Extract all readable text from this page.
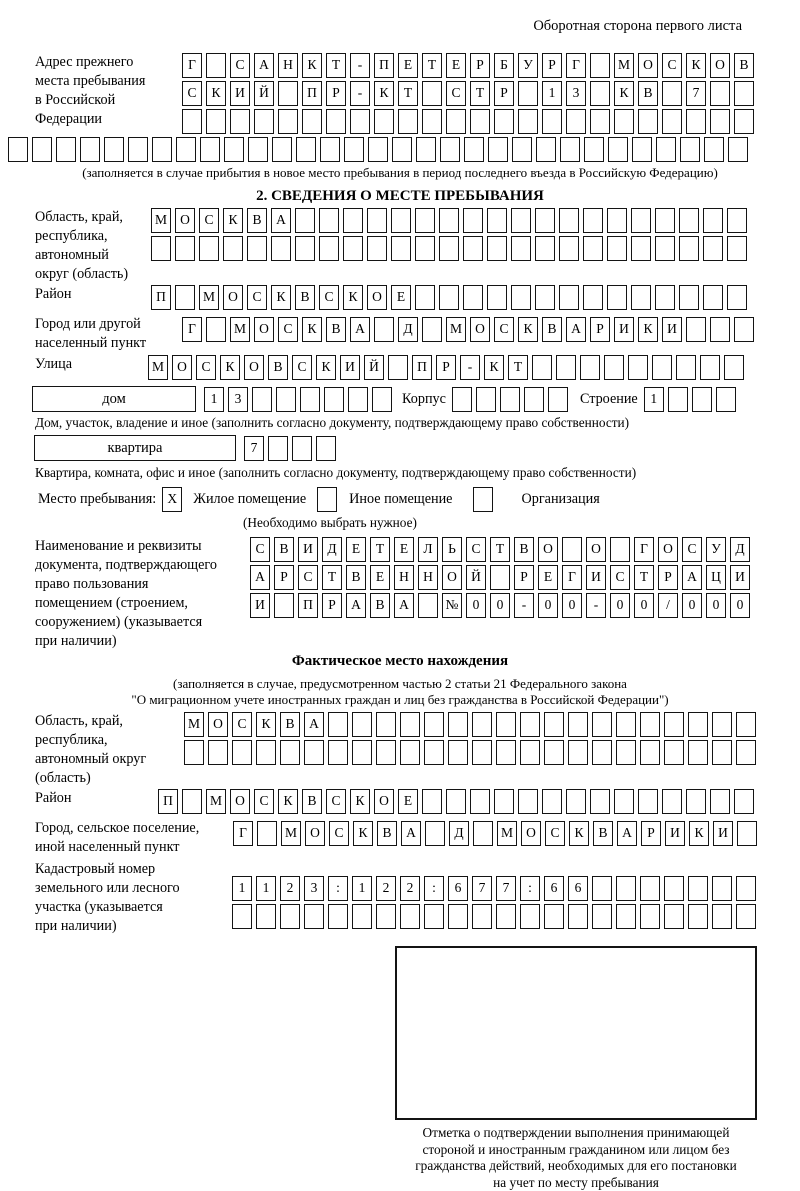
Оборотная сторона первого листа
Адрес прежнего
места пребывания
в Российской
Федерации
Г	С	А	Н	К	Т	-	П	Е	Т	Е	Р	Б	У	Р	Г	М О	С	К	О	В
С	К	И	Й	П	Р	-	К	Т	С	Т	Р	1	3	К	В	7
(заполняется в случае прибытия в новое место пребывания в период последнего въезда в Российскую Федерацию)
2. СВЕДЕНИЯ О МЕСТЕ ПРЕБЫВАНИЯ
Область, край,
республика,
автономный
округ (область)
М О	С	К	В	А
Район	П	М О	С	К	В	С	К	О	Е
Город или другой
населенный пункт
Г	М О	С	К	В	А	Д	М О	С	К	В	А	Р	И	К	И
Улица	М О	С	К	О	В	С	К	И	Й	П	Р	-	К	Т
дом	1	3	Корпус	Строение 1
Дом, участок, владение и иное (заполнить согласно документу, подтверждающему право собственности)
квартира	7
Квартира, комната, офис и иное (заполнить согласно документу, подтверждающему право собственности)
Место пребывания: X	Жилое помещение	Иное помещение	Организация
(Необходимо выбрать нужное)
Наименование и реквизиты
документа, подтверждающего
право пользования
помещением (строением,
сооружением) (указывается
при наличии)
С	В	И	Д	Е	Т	Е	Л	Ь	С	Т	В	О	О	Г	О	С	У	Д
А	Р	С	Т	В	Е	Н	Н	О	Й	Р	Е	Г	И	С	Т	Р	А	Ц	И
И	П	Р	А	В	А	№	0	0	-	0	0	-	0	0	/	0	0	0
Фактическое место нахождения
(заполняется в случае, предусмотренном частью 2 статьи 21 Федерального закона
"О миграционном учете иностранных граждан и лиц без гражданства в Российской Федерации")
Область, край,
республика,
автономный округ
(область)
М О	С	К	В	А
Район	П	М О	С	К	В	С	К	О	Е
Город, сельское поселение,
иной населенный пункт
Г	М О	С	К	В	А	Д	М О	С	К	В	А	Р	И	К	И
Кадастровый номер
земельного или лесного
участка (указывается
при наличии)
1	1	2	3	:	1	2	2	:	6	7	7	:	6	6
Отметка о подтверждении выполнения принимающей
стороной и иностранным гражданином или лицом без
гражданства действий, необходимых для его постановки
на учет по месту пребывания
